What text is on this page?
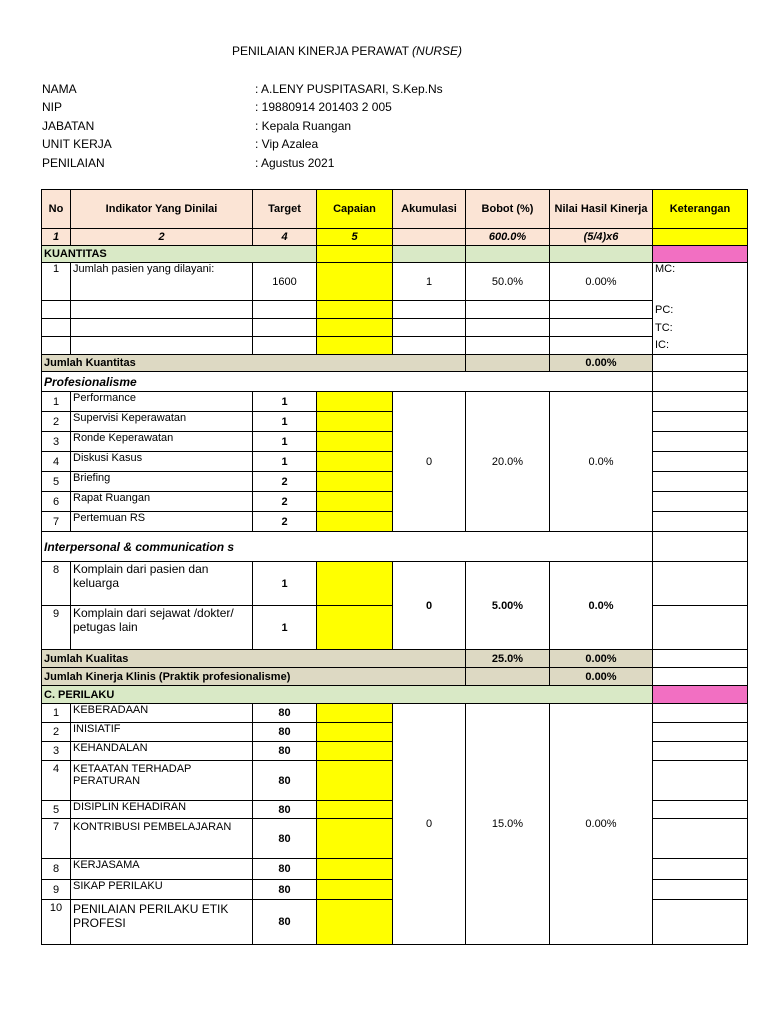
PENILAIAN KINERJA PERAWAT (NURSE)
NAMA	: A.LENY PUSPITASARI, S.Kep.Ns
NIP	: 19880914 201403 2 005
JABATAN	: Kepala Ruangan
UNIT KERJA	: Vip Azalea
PENILAIAN	: Agustus 2021
No	Indikator Yang Dinilai	Target	Capaian	Akumulasi	Bobot (%)	Nilai Hasil Kinerja	Keterangan
1	2	4	5		600.0%	(5/4)x6	
KUANTITAS							
1	Jumlah pasien yang dilayani:	1600		1	50.0%	0.00%	MC:
							PC:
							TC:
							IC:
Jumlah Kuantitas						0.00%	
Profesionalisme							
1	Performance	1		0	20.0%	0.0%	
2	Supervisi Keperawatan	1					
3	Ronde Keperawatan	1					
4	Diskusi Kasus	1					
5	Briefing	2					
6	Rapat Ruangan	2					
7	Pertemuan RS	2					
Interpersonal & communication s							
8	Komplain dari pasien dan keluarga	1		0	5.00%	0.0%	
9	Komplain dari sejawat /dokter/ petugas lain	1					
Jumlah Kualitas					25.0%	0.00%	
Jumlah Kinerja Klinis (Praktik profesionalisme)						0.00%	
C. PERILAKU							
1	KEBERADAAN	80		0	15.0%	0.00%	
2	INISIATIF	80					
3	KEHANDALAN	80					
4	KETAATAN TERHADAP PERATURAN	80					
5	DISIPLIN KEHADIRAN	80					
7	KONTRIBUSI PEMBELAJARAN	80					
8	KERJASAMA	80					
9	SIKAP PERILAKU	80					
10	PENILAIAN PERILAKU ETIK PROFESI	80					
